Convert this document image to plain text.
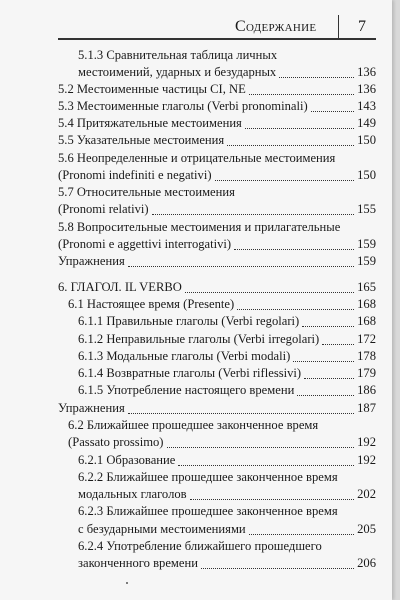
Содержание	7
5.1.3 Сравнительная таблица личных
местоимений, ударных и безударных	136
5.2 Местоименные частицы CI, NE	136
5.3 Местоименные глаголы (Verbi pronominali)	143
5.4 Притяжательные местоимения	149
5.5 Указательные местоимения	150
5.6 Неопределенные и отрицательные местоимения
(Pronomi indefiniti e negativi)	150
5.7 Относительные местоимения
(Pronomi relativi)	155
5.8 Вопросительные местоимения и прилагательные
(Pronomi e aggettivi interrogativi)	159
Упражнения	159
6. ГЛАГОЛ. IL VERBO	165
6.1 Настоящее время (Presente)	168
6.1.1 Правильные глаголы (Verbi regolari)	168
6.1.2 Неправильные глаголы (Verbi irregolari)	172
6.1.3 Модальные глаголы (Verbi modali)	178
6.1.4 Возвратные глаголы (Verbi riflessivi)	179
6.1.5 Употребление настоящего времени	186
Упражнения	187
6.2 Ближайшее прошедшее законченное время
(Passato prossimo)	192
6.2.1 Образование	192
6.2.2 Ближайшее прошедшее законченное время
модальных глаголов	202
6.2.3 Ближайшее прошедшее законченное время
с безударными местоимениями	205
6.2.4 Употребление ближайшего прошедшего
законченного времени	206
